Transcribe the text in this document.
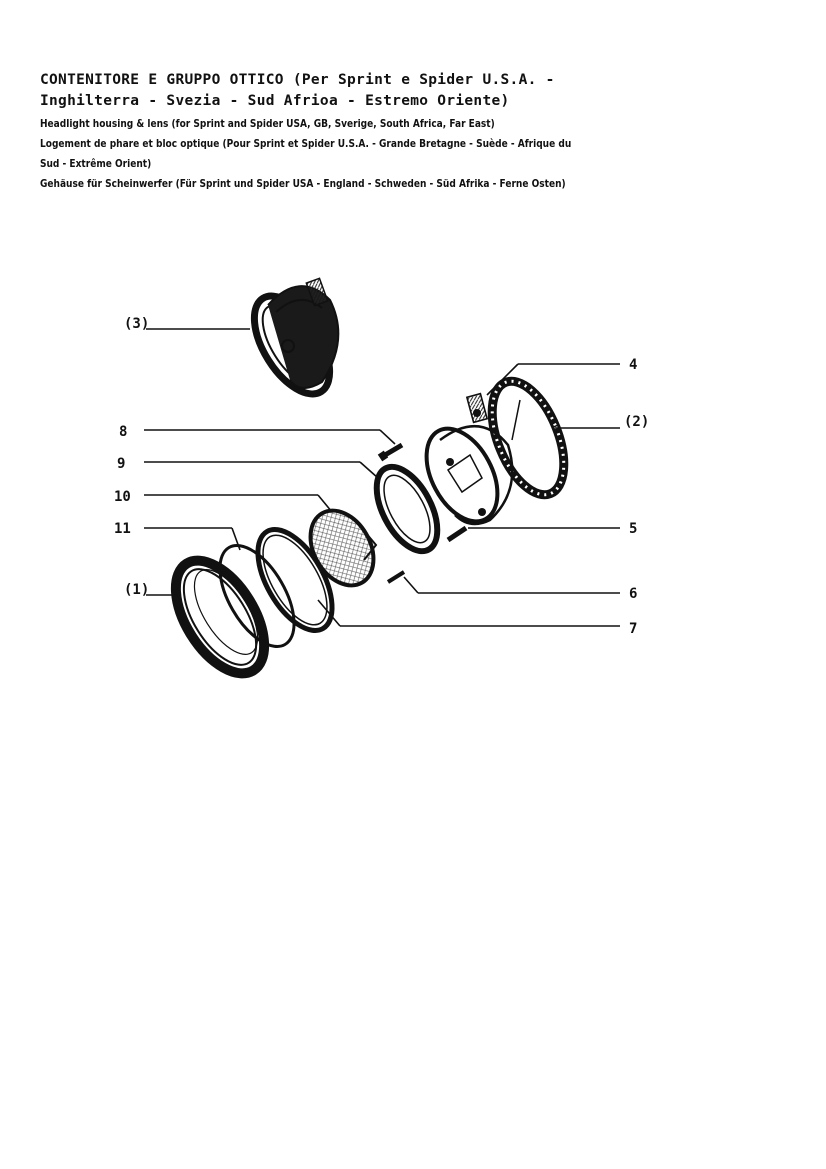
CONTENITORE E GRUPPO OTTICO (Per Sprint e Spider U.S.A. -

Inghilterra - Svezia - Sud Afrioa - Estremo Oriente)

Headlight housing & lens (for Sprint and Spider USA, GB, Sverige, South Africa, Far East)

Logement de phare et bloc optique (Pour Sprint et Spider U.S.A. - Grande Bretagne - Suède - Afrique du

Sud - Extrême Orient)

Gehäuse für Scheinwerfer (Für Sprint und Spider USA - England - Schweden - Süd Afrika - Ferne Osten)

(3)
4
(2)
8
9
10
11	5
(1)	6
7
